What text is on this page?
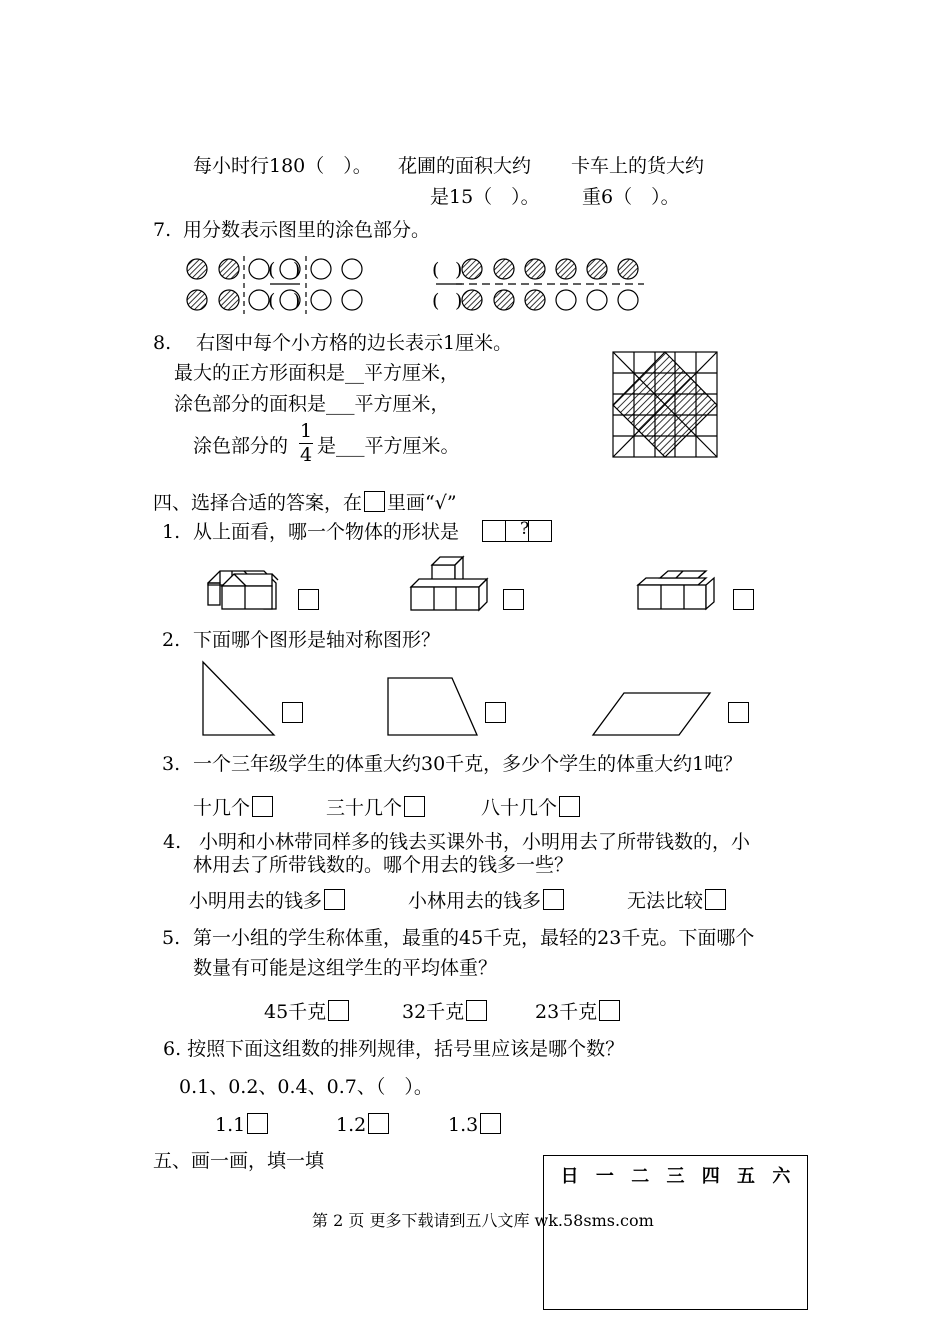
每小时行180（　）。 花圃的面积大约 卡车上的货大约
是15（　）。 重6（　）。
7. 用分数表示图里的涂色部分。
( )
( )
( )
( )
8. 右图中每个小方格的边长表示1厘米。
最大的正方形面积是__平方厘米，
涂色部分的面积是___平方厘米，
涂色部分的
1
4 是___平方厘米。
四、选择合适的答案，在 里画“√”
1. 从上面看，哪一个物体的形状是	?
2. 下面哪个图形是轴对称图形？
3. 一个三年级学生的体重大约30千克，多少个学生的体重大约1吨？
十几个	三十几个	八十几个
4. 小明和小林带同样多的钱去买课外书，小明用去了所带钱数的，小
林用去了所带钱数的。哪个用去的钱多一些？
小明用去的钱多	小林用去的钱多	无法比较
5. 第一小组的学生称体重，最重的45千克，最轻的23千克。下面哪个
数量有可能是这组学生的平均体重？
45千克	32千克	23千克
6. 按照下面这组数的排列规律，括号里应该是哪个数？
0.1、0.2、0.4、0.7、（　）。
1.1	1.2	1.3
五、画一画，填一填
日 一 二 三 四 五 六
第 2 页 更多下载请到五八文库 wk.58sms.com
